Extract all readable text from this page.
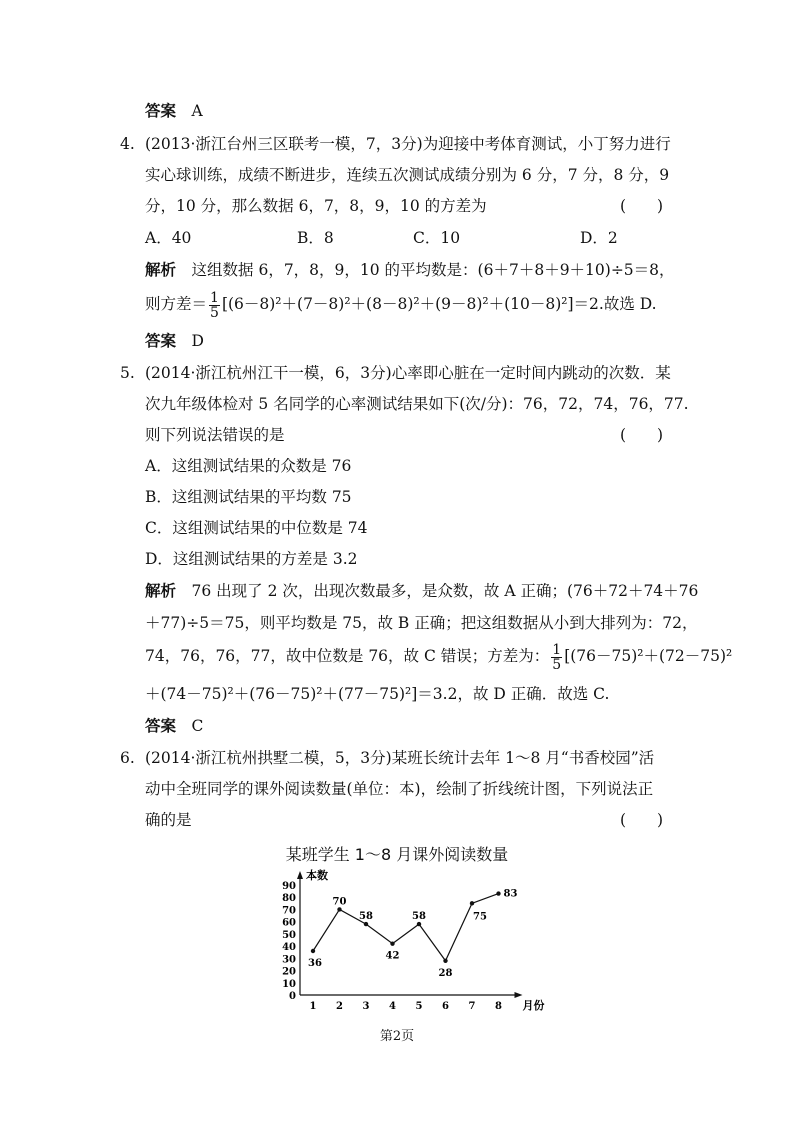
答案　 A
4. (2013·浙江台州三区联考一模，7，3分)为迎接中考体育测试，小丁努力进行
实心球训练，成绩不断进步，连续五次测试成绩分别为 6 分，7 分，8 分，9
分，10 分，那么数据 6，7，8，9，10 的方差为	(　　)
A．40	B．8	C．10	D．2
解析　 这组数据 6，7，8，9，10 的平均数是：(6＋7＋8＋9＋10)÷5＝8，
则方差＝ $\frac{1}{5} [(6-8)^2+(7-8)^2+(8-8)^2+(9-8)^2+(10-8)^2]=2$.故选 D.
答案　 D
5. (2014·浙江杭州江干一模，6，3分)心率即心脏在一定时间内跳动的次数．某
次九年级体检对 5 名同学的心率测试结果如下(次/分)：76，72，74，76，77.
则下列说法错误的是	(　　)
A．这组测试结果的众数是 76
B．这组测试结果的平均数 75
C．这组测试结果的中位数是 74
D．这组测试结果的方差是 3.2
解析　 76 出现了 2 次，出现次数最多，是众数，故 A 正确；(76＋72＋74＋76
＋77)÷5＝75，则平均数是 75，故 B 正确；把这组数据从小到大排列为：72，
74，76，76，77，故中位数是 76，故 C 错误；方差为： $\frac{1}{5} [(76-75)^2+(72-75)^2$
＋(74－75)²＋(76－75)²＋(77－75)²]＝3.2，故 D 正确．故选 C.
答案　 C
6. (2014·浙江杭州拱墅二模，5，3分)某班长统计去年 1～8 月“书香校园”活
动中全班同学的课外阅读数量(单位：本)，绘制了折线统计图，下列说法正
确的是	(　　)
某班学生 1～8 月课外阅读数量
本数
月份
0
10
20
30
40
50
60
70
80
90
1 2 3 4 5 6 7 8
36
70
58
42
58
28
75
83
第2页
